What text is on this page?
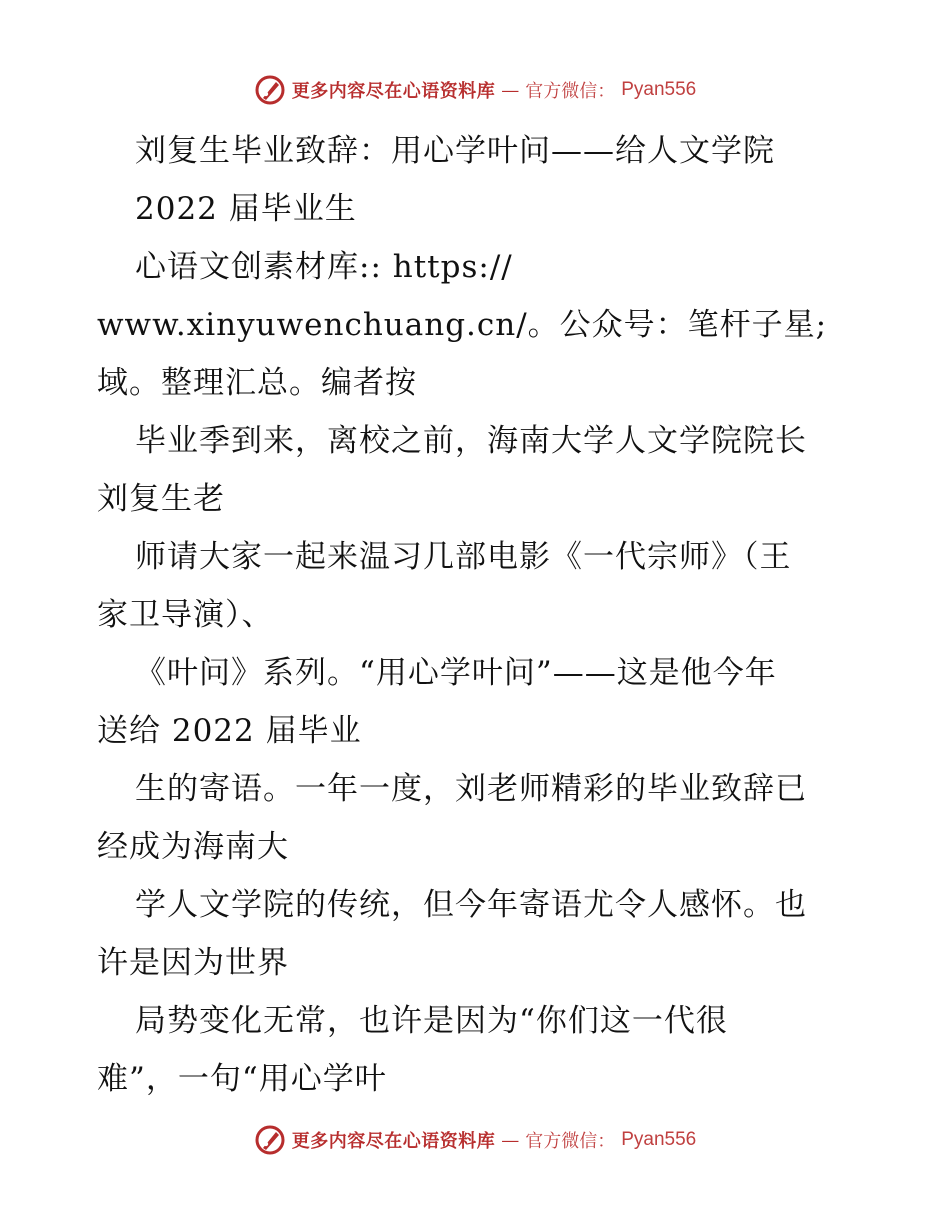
更多内容尽在心语资料库 — 官方微信： Pyan556
刘复生毕业致辞：用心学叶问——给人文学院
2022 届毕业生
心语文创素材库:: https://
www.xinyuwenchuang.cn/。公众号：笔杆子星;
域。整理汇总。编者按
毕业季到来，离校之前，海南大学人文学院院长
刘复生老
师请大家一起来温习几部电影《一代宗师》（王
家卫导演）、
《叶问》系列。“用心学叶问”——这是他今年
送给 2022 届毕业
生的寄语。一年一度，刘老师精彩的毕业致辞已
经成为海南大
学人文学院的传统，但今年寄语尤令人感怀。也
许是因为世界
局势变化无常，也许是因为“你们这一代很
难”，一句“用心学叶
更多内容尽在心语资料库 — 官方微信： Pyan556
